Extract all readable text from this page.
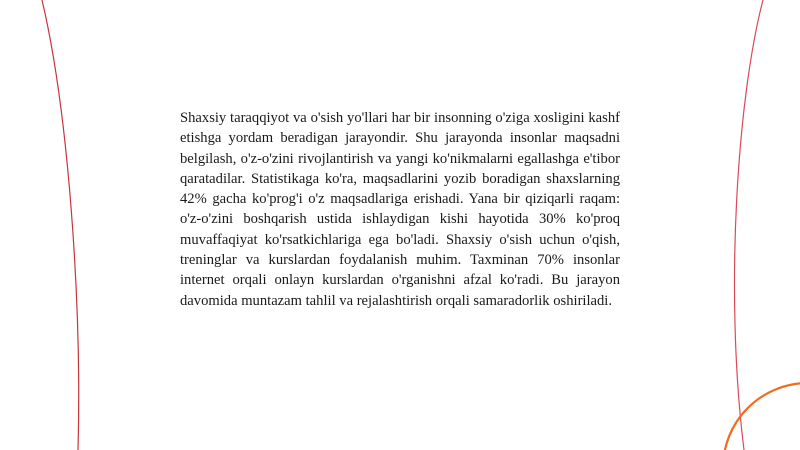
Shaxsiy taraqqiyot va o'sish yo'llari har bir insonning o'ziga xosligini kashf etishga yordam beradigan jarayondir. Shu jarayonda insonlar maqsadni belgilash, o'z-o'zini rivojlantirish va yangi ko'nikmalarni egallashga e'tibor qaratadilar. Statistikaga ko'ra, maqsadlarini yozib boradigan shaxslarning 42% gacha ko'prog'i o'z maqsadlariga erishadi. Yana bir qiziqarli raqam: o'z-o'zini boshqarish ustida ishlaydigan kishi hayotida 30% ko'proq muvaffaqiyat ko'rsatkichlariga ega bo'ladi. Shaxsiy o'sish uchun o'qish, treninglar va kurslardan foydalanish muhim. Taxminan 70% insonlar internet orqali onlayn kurslardan o'rganishni afzal ko'radi. Bu jarayon davomida muntazam tahlil va rejalashtirish orqali samaradorlik oshiriladi.
